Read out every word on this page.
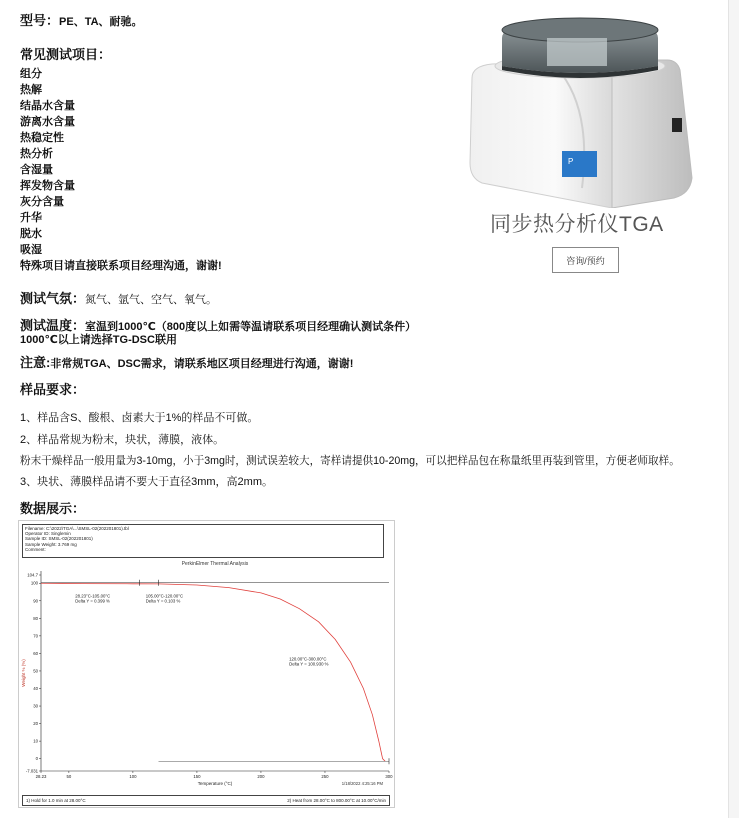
型号：PE、TA、耐驰。
常见测试项目：
组分
热解
结晶水含量
游离水含量
热稳定性
热分析
含湿量
挥发物含量
灰分含量
升华
脱水
吸湿
特殊项目请直接联系项目经理沟通，谢谢!
测试气氛：氮气、氩气、空气、氧气。
测试温度：室温到1000℃（800度以上如需等温请联系项目经理确认测试条件）
1000℃以上请选择TG-DSC联用
注意:非常规TGA、DSC需求，请联系地区项目经理进行沟通，谢谢!
样品要求：
1、样品含S、酸根、卤素大于1%的样品不可做。
2、样品常规为粉末，块状，薄膜，液体。
粉末干燥样品一般用量为3-10mg，小于3mg时，测试误差较大，寄样请提供10-20mg，可以把样品包在称量纸里再装到管里，方便老师取样。
3、块状、薄膜样品请不要大于直径3mm，高2mm。
数据展示：
P
同步热分析仪TGA
咨询/预约
Filename: C:\2022\TGA\...\SMSL-02(202201801).tbl
Operator ID: Singlemin
Sample ID: SMSL-02(202201801)
Sample Weight: 3.769 mg
Comment:
PerkinElmer Thermal Analysis
104.7
100
90
80
70
60
50
40
30
20
10
0
-7.031
28.23	50	100	150	200	250	300
Temperature (°C)
Weight % (%)
28.23°C-105.00°C
Delta Y = 0.399 %
105.00°C-120.00°C
Delta Y = 0.103 %
120.00°C-300.00°C
Delta Y = 100.930 %
1/18/2022 4:25:16 PM
1) Hold for 1.0 min at 28.00°C	2) Heat from 28.00°C to 800.00°C at 10.00°C/min
